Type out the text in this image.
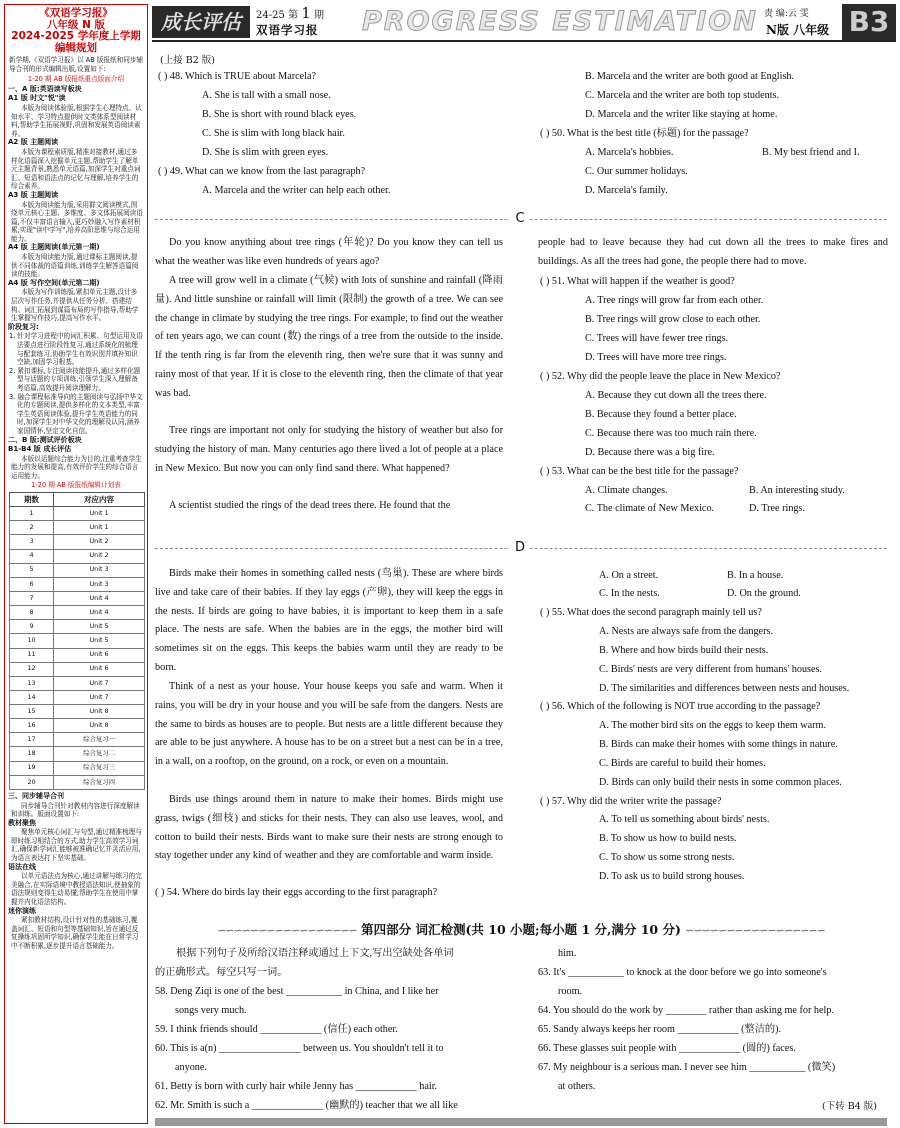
《双语学习报》
八年级 N 版
2024-2025 学年度上学期
编辑规划
新学期,《双语学习报》以 AB 版报纸和同步辅导合刊的形式编辑出版,设置如下:
1-20 期 AB 版报纸重点版面介绍
一、A 版:英语读写板块
A1 版 时文"悦"读
本版为阅读体验版,根据学生心理特点、认知水平、学习特点提供时文类体系型阅读材料,帮助学生拓展视野,巩固和发展英语阅读素养。
A2 版 主题阅读
本版为课程素质版,精准对接教材,通过多样化语篇深入挖掘单元主题,帮助学生了解单元主题背景,熟悉单元语篇,加深学生对重点词汇、短语和语法点的记忆与理解,培养学生的综合素养。
A3 版 主题阅读
本版为阅读能力版,采用群文阅读模式,围绕单元核心主题、多维度、多文体拓展阅读语篇,不仅丰富语言输入,更巧妙融入写作素材积累,实现"读中学写",培养高阶思维与综合运用能力。
A4 版 主题阅读(单元第一期)
本版为阅读能力版,通过课标主题阅读,提供不同体裁的语篇训练,训练学生解答语篇阅读的技能。
A4 版 写作空间(单元第二期)
本版为写作训练版,紧扣单元主题,设计多层次写作任务,并提供从任务分析、搭建结构、词汇拓展到谋篇布局的写作指导,帮助学生掌握写作技巧,提高写作水平。
阶段复习:
1. 针对学习进程中的词汇积累、句型运用及语法要点进行阶段性复习,通过系统化的梳理与配套练习,协助学生有效识别并填补知识空缺,加固学习根基。
2. 紧扣课标,专注阅读技能提升,通过多样化题型与话题的专项训练,引领学生深入理解备考语篇,高效提升阅读理解力。
3. 融合课程标准导向的主题阅读与弘扬中华文化的专题阅读,提供多样化的文本类型,丰富学生英语阅读体验,提升学生英语能力的同时,加深学生对中华文化的理解及认同,涵养家国情怀,坚定文化自信。
二、B 版:测试评价板块
B1-B4 版 成长评估
本版以话题综合能力为目的,注重考查学生能力的发展和提高,有效评价学生的综合语言运用能力。
1-20 期 AB 版报纸编辑计划表
期数	对应内容
1	Unit 1
2	Unit 1
3	Unit 2
4	Unit 2
5	Unit 3
6	Unit 3
7	Unit 4
8	Unit 4
9	Unit 5
10	Unit 5
11	Unit 6
12	Unit 6
13	Unit 7
14	Unit 7
15	Unit 8
16	Unit 8
17	综合复习一
18	综合复习二
19	综合复习三
20	综合复习四
三、同步辅导合刊
同步辅导合刊针对教材内容进行深度解读和训练。版面设置如下:
教材聚焦
聚焦单元核心词汇与句型,通过精准梳理与即时练习相结合的方式,助力学生高效学习词汇,确保新学词汇能够被准确记忆并灵活应用,为语言表达打下坚实基础。
语法在线
以单元语法点为核心,通过讲解与练习的完美融合,在实际语境中教授语法知识,使抽象的语法规则变得生动易懂,帮助学生在使用中掌握并内化语法结构。
迷你演练
紧扣教材结构,设计针对性的基础练习,覆盖词汇、短语和句型等基础知识,旨在通过反复操练巩固所学知识,确保学生能在日常学习中不断积累,逐步提升语言基础能力。
成长评估	24-25 第 1 期
双语学习报 PROGRESS ESTIMATION 责 编:云 雯
N版 八年级 B3
(上接 B2 版)
( ) 48. Which is TRUE about Marcela?
A. She is tall with a small nose.
B. She is short with round black eyes.
C. She is slim with long black hair.
D. She is slim with green eyes.
( ) 49. What can we know from the last paragraph?
A. Marcela and the writer can help each other.
B. Marcela and the writer are both good at English.
C. Marcela and the writer are both top students.
D. Marcela and the writer like staying at home.
( ) 50. What is the best title (标题) for the passage?
A. Marcela's hobbies.	B. My best friend and I.
C. Our summer holidays.
D. Marcela's family.
C
Do you know anything about tree rings (年轮)? Do you know they can tell us what the weather was like even hundreds of years ago?
A tree will grow well in a climate (气候) with lots of sunshine and rainfall (降雨量). And little sunshine or rainfall will limit (限制) the growth of a tree. We can see the change in climate by studying the tree rings. For example, to find out the weather of ten years ago, we can count (数) the rings of a tree from the outside to the inside. If the tenth ring is far from the eleventh ring, then we're sure that it was sunny and rainy most of that year. If it is close to the eleventh ring, then the climate of that year was bad.
Tree rings are important not only for studying the history of weather but also for studying the history of man. Many centuries ago there lived a lot of people at a place in New Mexico. But now you can only find sand there. What happened?
A scientist studied the rings of the dead trees there. He found that the
people had to leave because they had cut down all the trees to make fires and buildings. As all the trees had gone, the people there had to move.
( ) 51. What will happen if the weather is good?
A. Tree rings will grow far from each other.
B. Tree rings will grow close to each other.
C. Trees will have fewer tree rings.
D. Trees will have more tree rings.
( ) 52. Why did the people leave the place in New Mexico?
A. Because they cut down all the trees there.
B. Because they found a better place.
C. Because there was too much rain there.
D. Because there was a big fire.
( ) 53. What can be the best title for the passage?
A. Climate changes.	B. An interesting study.
C. The climate of New Mexico.	D. Tree rings.
D
Birds make their homes in something called nests (鸟巢). These are where birds live and take care of their babies. If they lay eggs (产卵), they will keep the eggs in the nests. If birds are going to have babies, it is important to keep them in a safe place. The nests are safe. When the babies are in the eggs, the mother bird will sometimes sit on the eggs. This keeps the babies warm until they are ready to be born.
Think of a nest as your house. Your house keeps you safe and warm. When it rains, you will be dry in your house and you will be safe from the dangers. Nests are the same to birds as houses are to people. But nests are a little different because they are able to be just anywhere. A house has to be on a street but a nest can be in a tree, in a wall, on a rooftop, on the ground, on a rock, or even on a mountain.
Birds use things around them in nature to make their homes. Birds might use grass, twigs (细枝) and sticks for their nests. They can also use leaves, wool, and cotton to build their nests. Birds want to make sure their nests are strong enough to stay together under any kind of weather and they are comfortable and warm inside.
( ) 54. Where do birds lay their eggs according to the first paragraph?
A. On a street.	B. In a house.
C. In the nests.	D. On the ground.
( ) 55. What does the second paragraph mainly tell us?
A. Nests are always safe from the dangers.
B. Where and how birds build their nests.
C. Birds' nests are very different from humans' houses.
D. The similarities and differences between nests and houses.
( ) 56. Which of the following is NOT true according to the passage?
A. The mother bird sits on the eggs to keep them warm.
B. Birds can make their homes with some things in nature.
C. Birds are careful to build their homes.
D. Birds can only build their nests in some common places.
( ) 57. Why did the writer write the passage?
A. To tell us something about birds' nests.
B. To show us how to build nests.
C. To show us some strong nests.
D. To ask us to build strong houses.
∽∽∽∽∽∽∽∽∽∽∽∽∽∽∽∽∽ 第四部分 词汇检测(共 10 小题;每小题 1 分,满分 10 分) ∽∽∽∽∽∽∽∽∽∽∽∽∽∽∽∽∽
根据下列句子及所给汉语注释或通过上下文,写出空缺处各单词
的正确形式。每空只写一词。
58. Deng Ziqi is one of the best ___________ in China, and I like her
songs very much.
59. I think friends should ____________ (信任) each other.
60. This is a(n) ________________ between us. You shouldn't tell it to
anyone.
61. Betty is born with curly hair while Jenny has ____________ hair.
62. Mr. Smith is such a ______________ (幽默的) teacher that we all like
him.
63. It's ___________ to knock at the door before we go into someone's
room.
64. You should do the work by ________ rather than asking me for help.
65. Sandy always keeps her room ____________ (整洁的).
66. These glasses suit people with ____________ (圆的) faces.
67. My neighbour is a serious man. I never see him ___________ (微笑)
at others.
(下转 B4 版)
